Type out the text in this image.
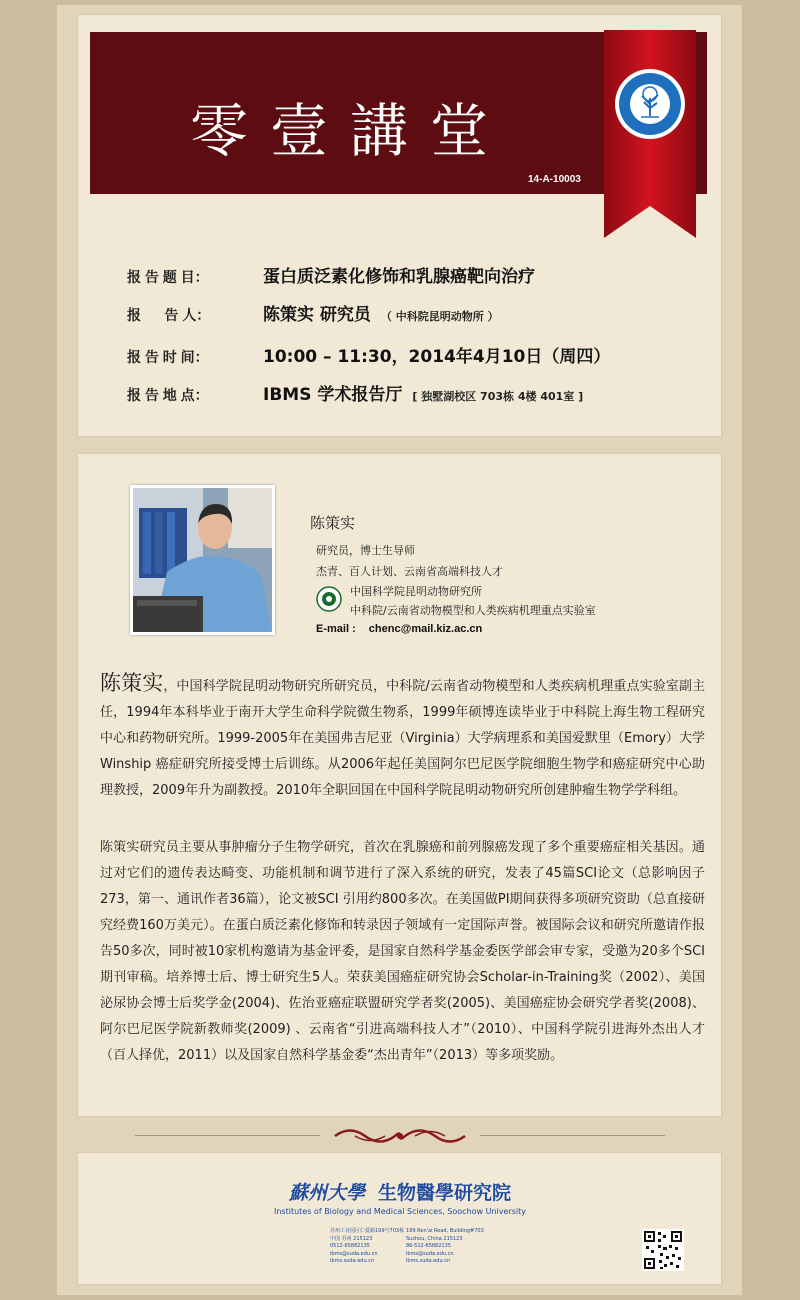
零壹講堂
14-A-10003
报 告 题 目：	蛋白质泛素化修饰和乳腺癌靶向治疗
报      告 人：	陈策实 研究员 （ 中科院昆明动物所 ）
报 告 时 间：	10:00 – 11:30，2014年4月10日（周四）
报 告 地 点：	IBMS 学术报告厅 [ 独墅湖校区 703栋 4楼 401室 ]
陈策实
研究员，博士生导师
杰青、百人计划、云南省高端科技人才
中国科学院昆明动物研究所
中科院/云南省动物模型和人类疾病机理重点实验室
E-mail : chenc@mail.kiz.ac.cn
陈策实，中国科学院昆明动物研究所研究员，中科院/云南省动物模型和人类疾病机理重点实验室副主任，1994年本科毕业于南开大学生命科学院微生物系，1999年硕博连读毕业于中科院上海生物工程研究中心和药物研究所。1999-2005年在美国弗吉尼亚（Virginia）大学病理系和美国爱默里（Emory）大学Winship 癌症研究所接受博士后训练。从2006年起任美国阿尔巴尼医学院细胞生物学和癌症研究中心助理教授，2009年升为副教授。2010年全职回国在中国科学院昆明动物研究所创建肿瘤生物学学科组。
陈策实研究员主要从事肿瘤分子生物学研究，首次在乳腺癌和前列腺癌发现了多个重要癌症相关基因。通过对它们的遗传表达畸变、功能机制和调节进行了深入系统的研究，发表了45篇SCI论文（总影响因子273，第一、通讯作者36篇），论文被SCI 引用约800多次。在美国做PI期间获得多项研究资助（总直接研究经费160万美元）。在蛋白质泛素化修饰和转录因子领域有一定国际声誉。被国际会议和研究所邀请作报告50多次，同时被10家机构邀请为基金评委，是国家自然科学基金委医学部会审专家，受邀为20多个SCI期刊审稿。培养博士后、博士研究生5人。荣获美国癌症研究协会Scholar-in-Training奖（2002）、美国泌尿协会博士后奖学金(2004)、佐治亚癌症联盟研究学者奖(2005)、美国癌症协会研究学者奖(2008)、阿尔巴尼医学院新教师奖(2009) 、云南省“引进高端科技人才”（2010）、中国科学院引进海外杰出人才（百人择优，2011）以及国家自然科学基金委“杰出青年”（2013）等多项奖励。
蘇州大學 生物醫學研究院
Institutes of Biology and Medical Sciences, Soochow University
苏州工业园区仁爱路199号703栋
中国 苏州 215123
0512-65882135
ibms@suda.edu.cn
ibms.suda.edu.cn
199 Ren'ai Road, Building#703
Suzhou, China 215123
86-512-65882135
ibms@suda.edu.cn
ibms.suda.edu.cn
